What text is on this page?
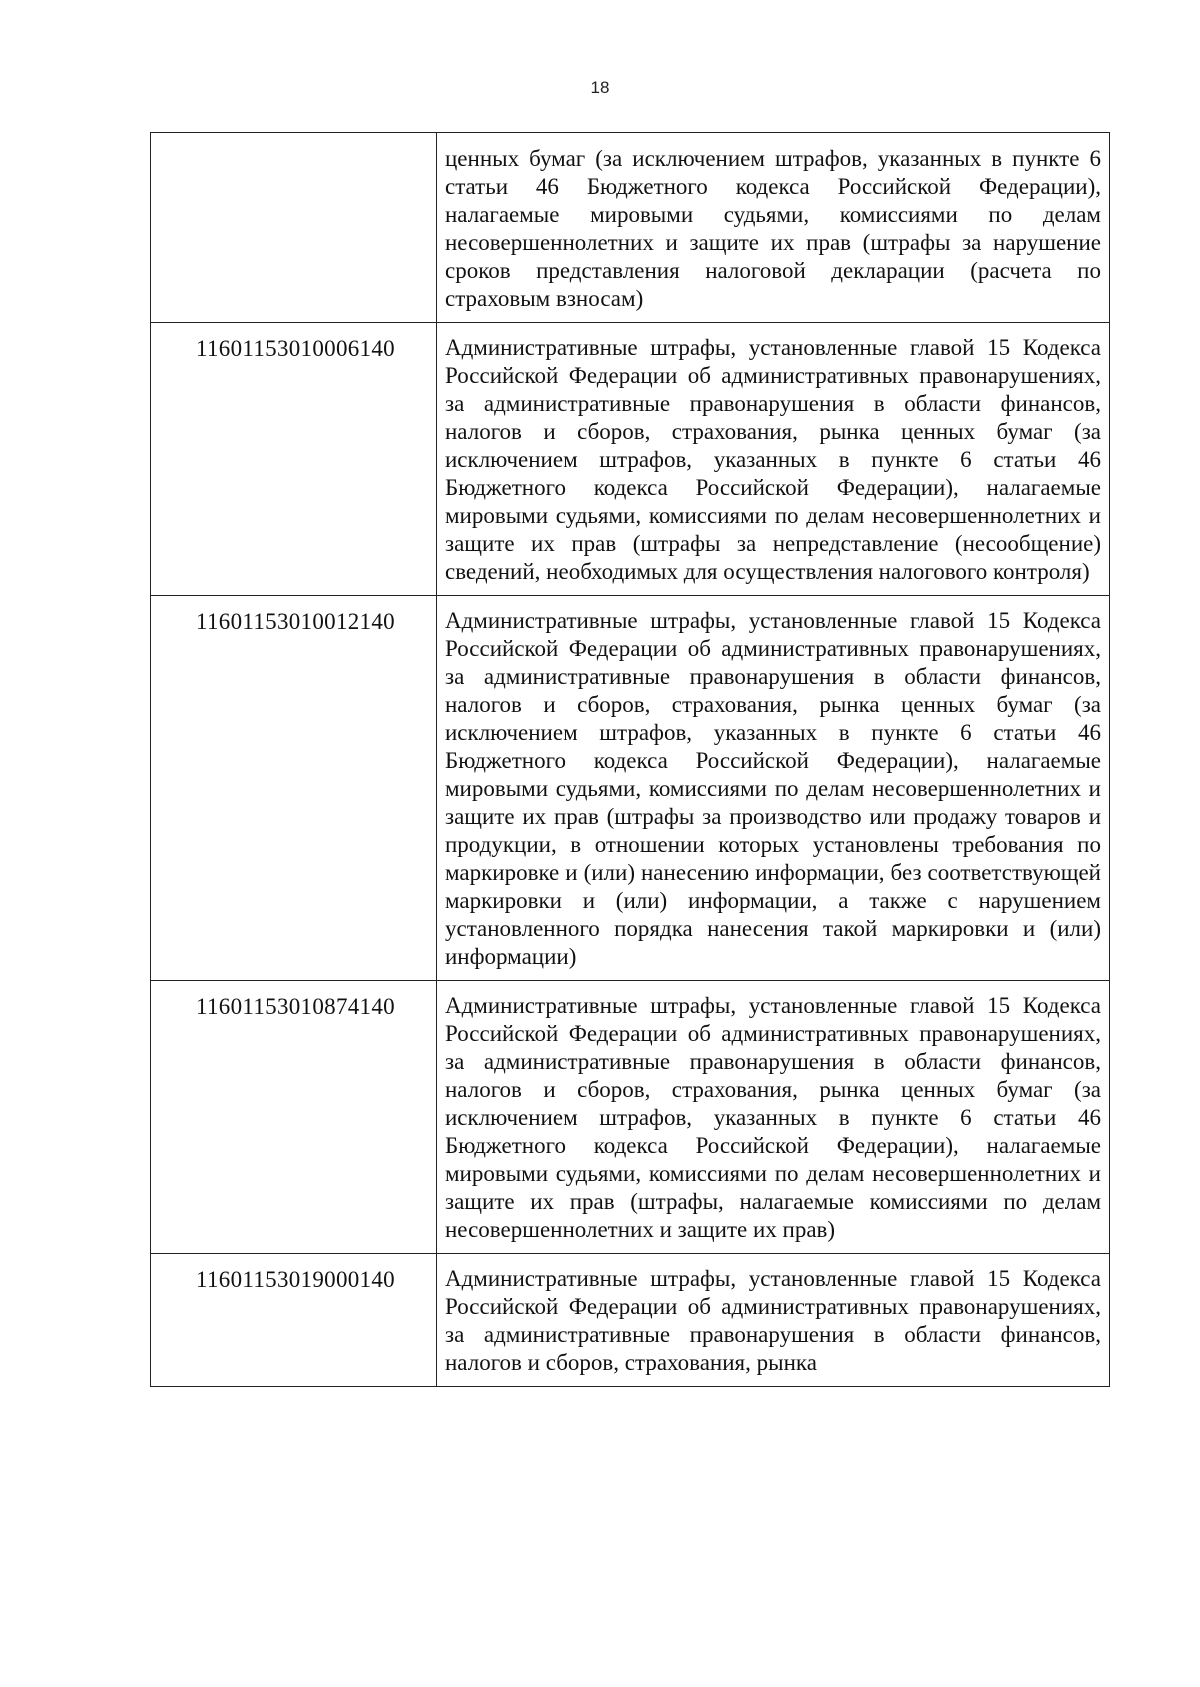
18
	ценных бумаг (за исключением штрафов, указанных в пункте 6 статьи 46 Бюджетного кодекса Российской Федерации), налагаемые мировыми судьями, комиссиями по делам несовершеннолетних и защите их прав (штрафы за нарушение сроков представления налоговой декларации (расчета по страховым взносам)
11601153010006140	Административные штрафы, установленные главой 15 Кодекса Российской Федерации об административных правонарушениях, за административные правонарушения в области финансов, налогов и сборов, страхования, рынка ценных бумаг (за исключением штрафов, указанных в пункте 6 статьи 46 Бюджетного кодекса Российской Федерации), налагаемые мировыми судьями, комиссиями по делам несовершеннолетних и защите их прав (штрафы за непредставление (несообщение) сведений, необходимых для осуществления налогового контроля)
11601153010012140	Административные штрафы, установленные главой 15 Кодекса Российской Федерации об административных правонарушениях, за административные правонарушения в области финансов, налогов и сборов, страхования, рынка ценных бумаг (за исключением штрафов, указанных в пункте 6 статьи 46 Бюджетного кодекса Российской Федерации), налагаемые мировыми судьями, комиссиями по делам несовершеннолетних и защите их прав (штрафы за производство или продажу товаров и продукции, в отношении которых установлены требования по маркировке и (или) нанесению информации, без соответствующей маркировки и (или) информации, а также с нарушением установленного порядка нанесения такой маркировки и (или) информации)
11601153010874140	Административные штрафы, установленные главой 15 Кодекса Российской Федерации об административных правонарушениях, за административные правонарушения в области финансов, налогов и сборов, страхования, рынка ценных бумаг (за исключением штрафов, указанных в пункте 6 статьи 46 Бюджетного кодекса Российской Федерации), налагаемые мировыми судьями, комиссиями по делам несовершеннолетних и защите их прав (штрафы, налагаемые комиссиями по делам несовершеннолетних и защите их прав)
11601153019000140	Административные штрафы, установленные главой 15 Кодекса Российской Федерации об административных правонарушениях, за административные правонарушения в области финансов, налогов и сборов, страхования, рынка
